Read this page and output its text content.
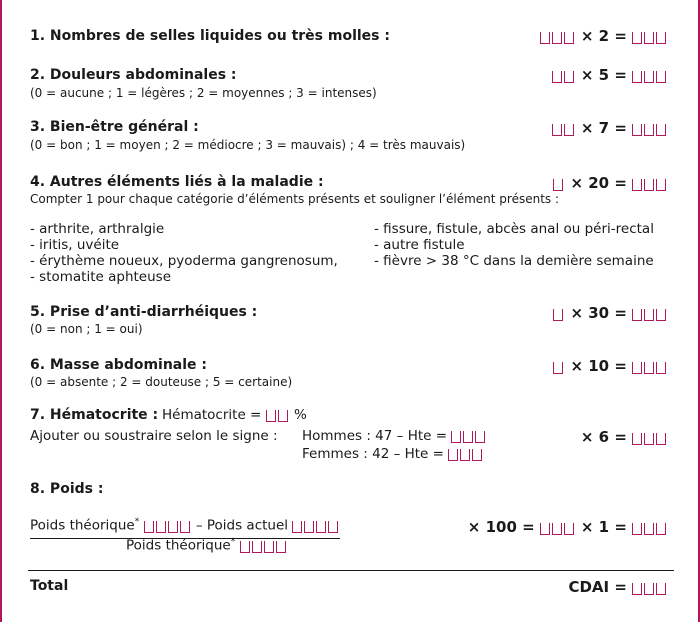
1. Nombres de selles liquides ou très molles :	× 2 =
2. Douleurs abdominales :
(0 = aucune ; 1 = légères ; 2 = moyennes ; 3 = intenses)
× 5 =
3. Bien-être général :
(0 = bon ; 1 = moyen ; 2 = médiocre ; 3 = mauvais) ; 4 = très mauvais)
× 7 =
4. Autres éléments liés à la maladie :
Compter 1 pour chaque catégorie d’éléments présents et souligner l’élément présents :
× 20 =
- arthrite, arthralgie
- iritis, uvéite
- érythème noueux, pyoderma gangrenosum,
- stomatite aphteuse
- fissure, fistule, abcès anal ou péri-rectal
- autre fistule
- fièvre > 38 °C dans la demière semaine
5. Prise d’anti-diarrhéiques :
(0 = non ; 1 = oui)
× 30 =
6. Masse abdominale :
(0 = absente ; 2 = douteuse ; 5 = certaine)
× 10 =
7. Hématocrite : Hématocrite = %
Ajouter ou soustraire selon le signe : Hommes : 47 – Hte =
Femmes : 42 – Hte =
× 6 =
8. Poids :
Poids théorique*	– Poids actuel
Poids théorique*
× 100 =	× 1 =
Total	CDAI =
